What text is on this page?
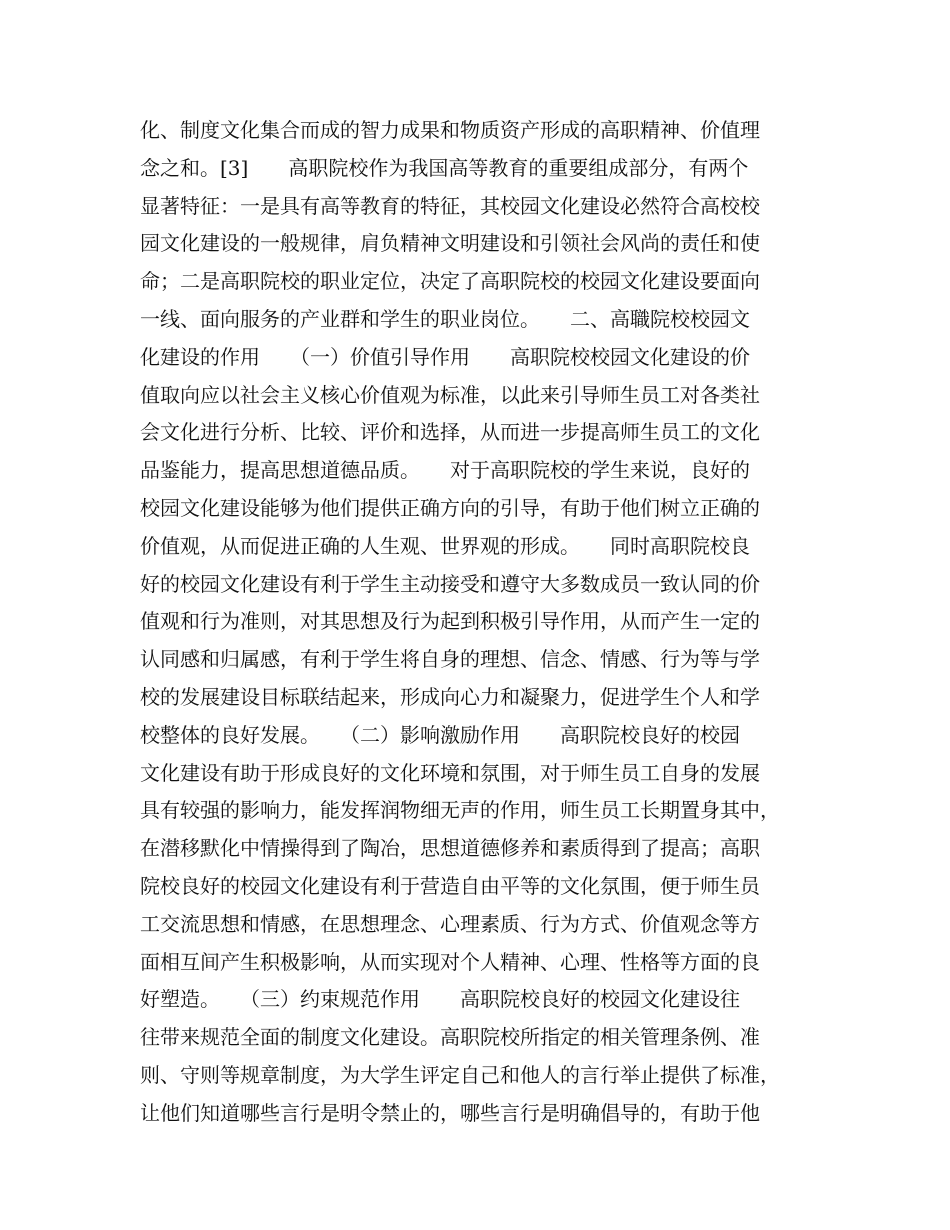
化、制度文化集合而成的智力成果和物质资产形成的高职精神、价值理
念之和。[3]　　高职院校作为我国高等教育的重要组成部分，有两个
显著特征：一是具有高等教育的特征，其校园文化建设必然符合高校校
园文化建设的一般规律，肩负精神文明建设和引领社会风尚的责任和使
命；二是高职院校的职业定位，决定了高职院校的校园文化建设要面向
一线、面向服务的产业群和学生的职业岗位。　　二、高職院校校园文
化建设的作用　　（一）价值引导作用　　高职院校校园文化建设的价
值取向应以社会主义核心价值观为标准，以此来引导师生员工对各类社
会文化进行分析、比较、评价和选择，从而进一步提高师生员工的文化
品鉴能力，提高思想道德品质。　　对于高职院校的学生来说，良好的
校园文化建设能够为他们提供正确方向的引导，有助于他们树立正确的
价值观，从而促进正确的人生观、世界观的形成。　　同时高职院校良
好的校园文化建设有利于学生主动接受和遵守大多数成员一致认同的价
值观和行为准则，对其思想及行为起到积极引导作用，从而产生一定的
认同感和归属感，有利于学生将自身的理想、信念、情感、行为等与学
校的发展建设目标联结起来，形成向心力和凝聚力，促进学生个人和学
校整体的良好发展。　　（二）影响激励作用　　高职院校良好的校园
文化建设有助于形成良好的文化环境和氛围，对于师生员工自身的发展
具有较强的影响力，能发挥润物细无声的作用，师生员工长期置身其中，
在潜移默化中情操得到了陶冶，思想道德修养和素质得到了提高；高职
院校良好的校园文化建设有利于营造自由平等的文化氛围，便于师生员
工交流思想和情感，在思想理念、心理素质、行为方式、价值观念等方
面相互间产生积极影响，从而实现对个人精神、心理、性格等方面的良
好塑造。　　（三）约束规范作用　　高职院校良好的校园文化建设往
往带来规范全面的制度文化建设。高职院校所指定的相关管理条例、准
则、守则等规章制度，为大学生评定自己和他人的言行举止提供了标准，
让他们知道哪些言行是明令禁止的，哪些言行是明确倡导的，有助于他
